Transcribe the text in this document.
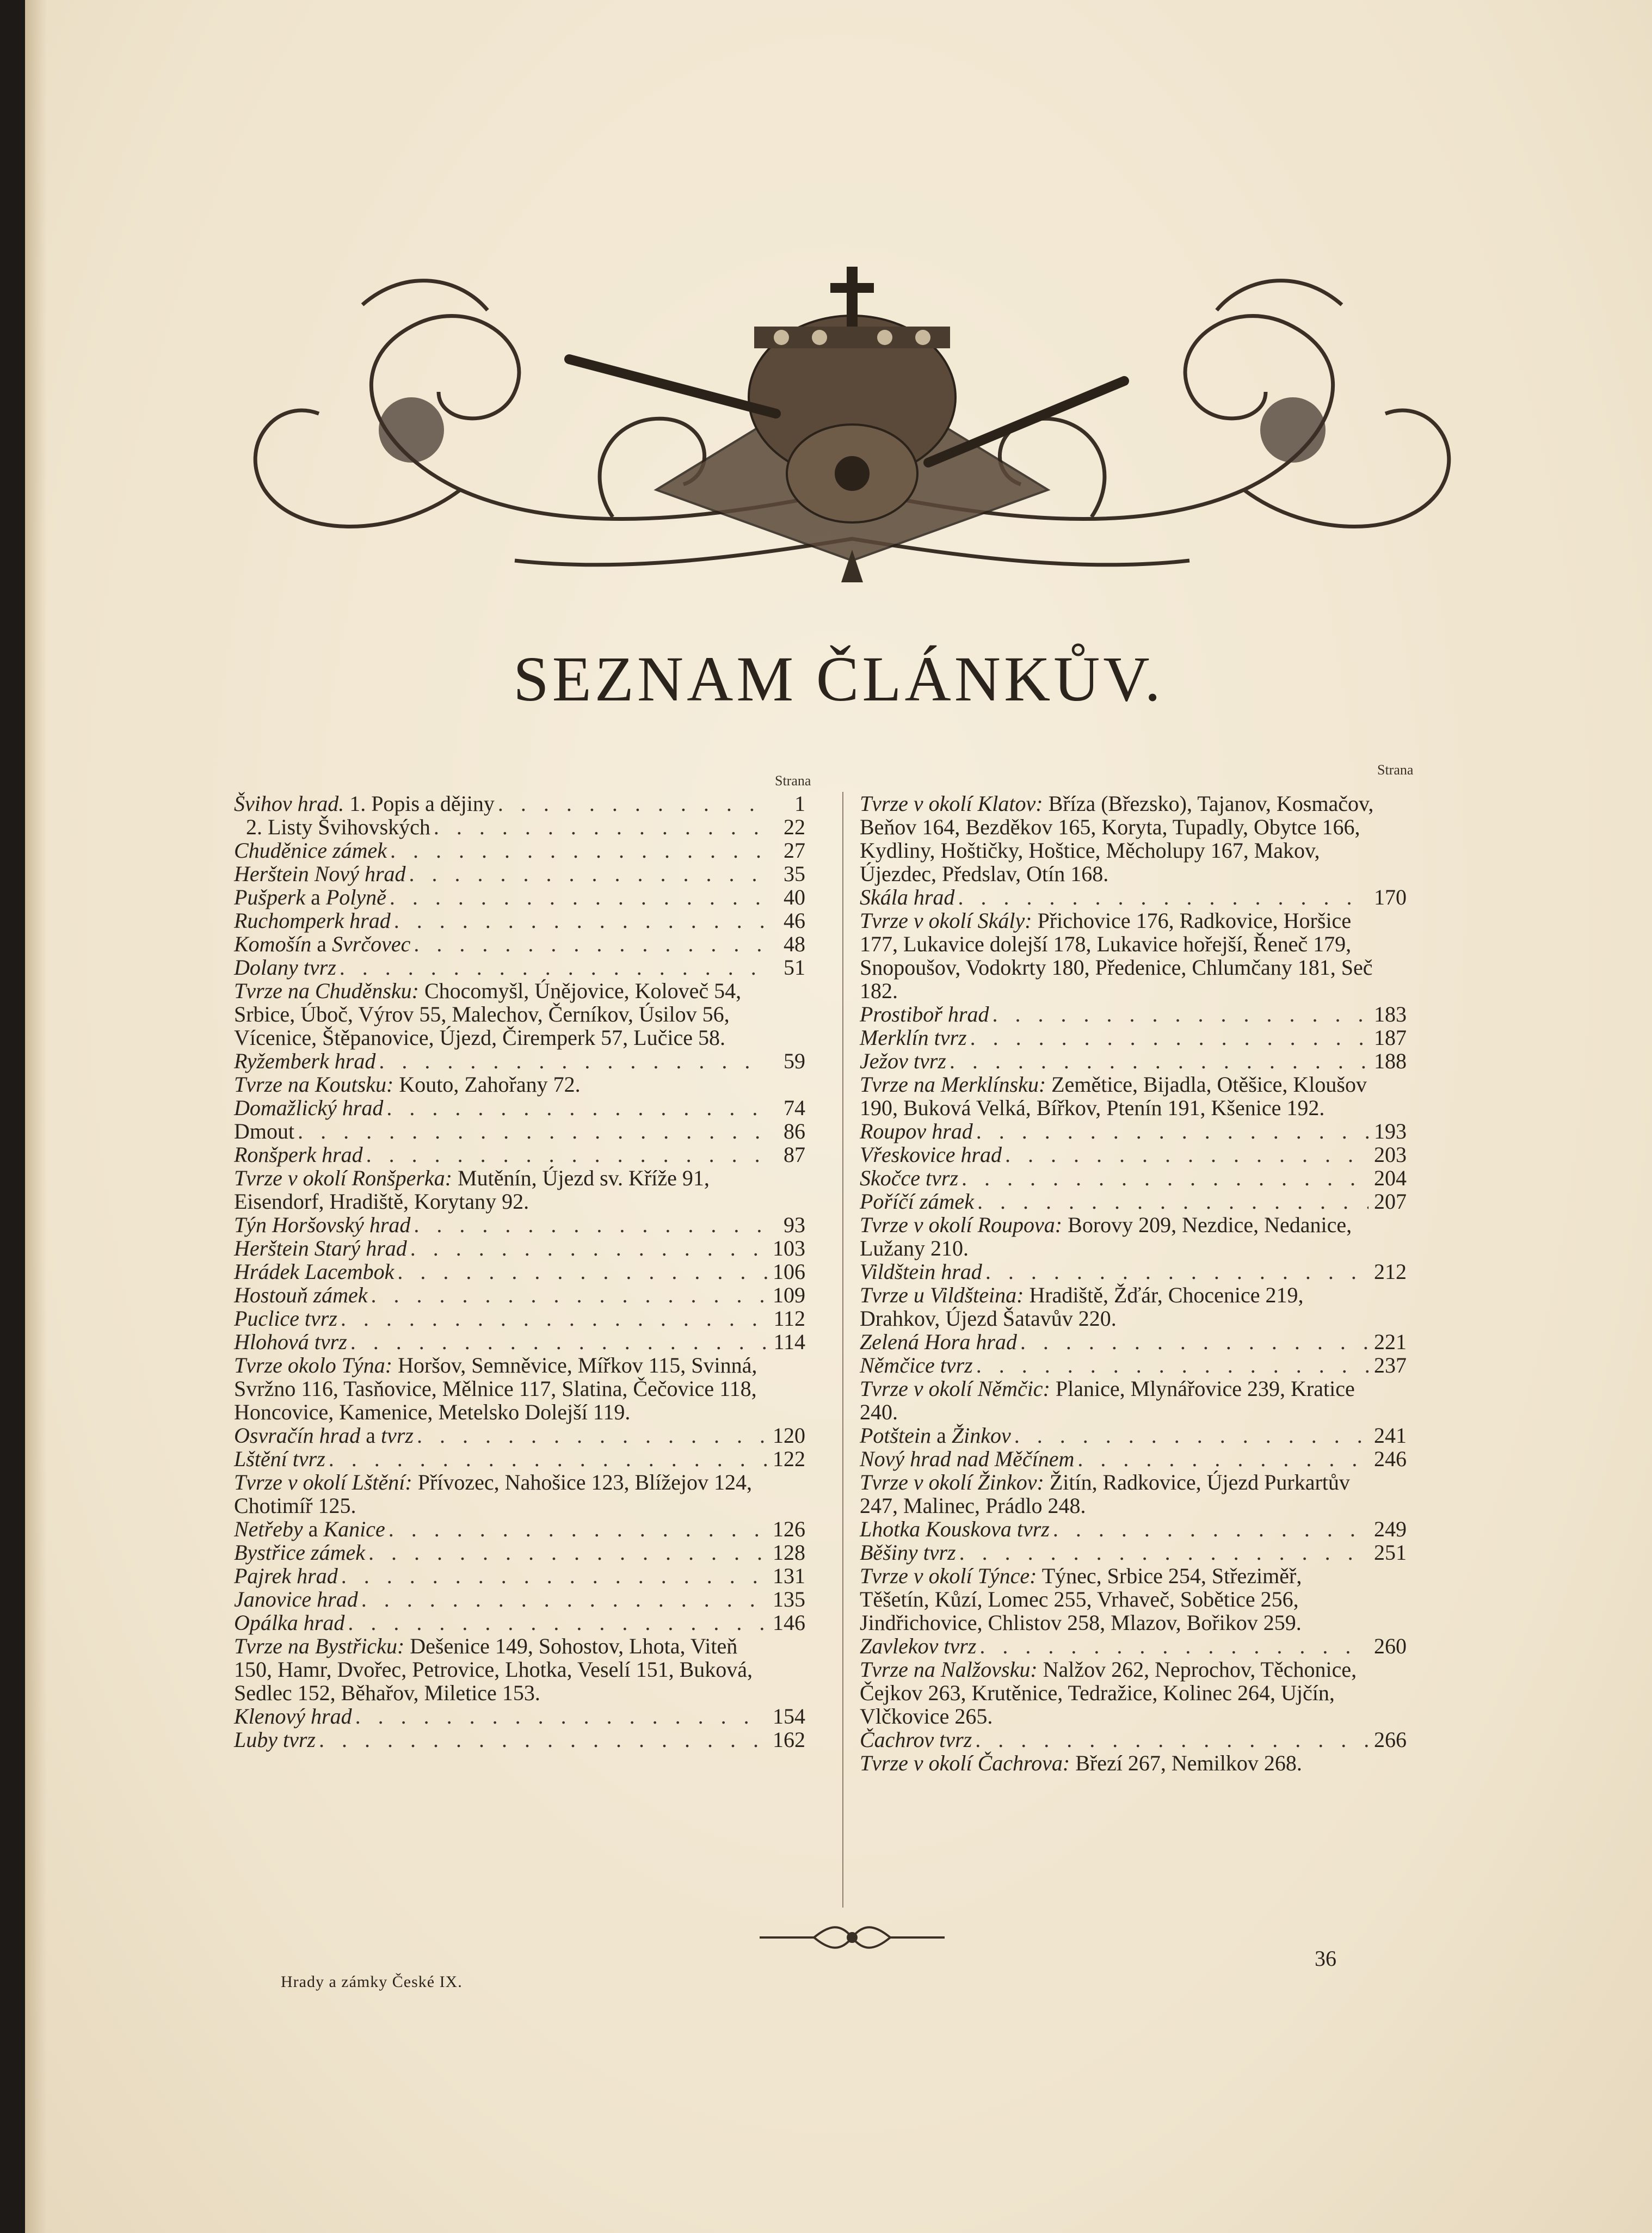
SEZNAM ČLÁNKŮV.
Strana
Strana
Švihov hrad. 1. Popis a dějiny . . .	1
2. Listy Švihovských . . .	22
Chuděnice zámek . . .	27
Herštein Nový hrad . . .	35
Pušperk a Polyně . . .	40
Ruchomperk hrad . . .	46
Komošín a Svrčovec . . .	48
Dolany tvrz . . .	51

Tvrze na Chuděnsku: Chocomyšl, Únějovice, Koloveč 54, Srbice, Úboč, Výrov 55, Malechov, Černíkov, Úsilov 56, Vícenice, Štěpanovice, Újezd, Čiremperk 57, Lučice 58.

Ryžemberk hrad . . .	59

Tvrze na Koutsku: Kouto, Zahořany 72.

Domažlický hrad . . .	74
Dmout . . .	86
Ronšperk hrad . . .	87

Tvrze v okolí Ronšperka: Mutěnín, Újezd sv. Kříže 91, Eisendorf, Hradiště, Korytany 92.

Týn Horšovský hrad . . .	93
Herštein Starý hrad . . .	103
Hrádek Lacembok . . .	106
Hostouň zámek . . .	109
Puclice tvrz . . .	112
Hlohová tvrz . . .	114

Tvrze okolo Týna: Horšov, Semněvice, Mířkov 115, Svinná, Svržno 116, Tasňovice, Mělnice 117, Slatina, Čečovice 118, Honcovice, Kamenice, Metelsko Dolejší 119.

Osvračín hrad a tvrz . . .	120
Lštění tvrz . . .	122

Tvrze v okolí Lštění: Přívozec, Nahošice 123, Blížejov 124, Chotimíř 125.

Netřeby a Kanice . . .	126
Bystřice zámek . . .	128
Pajrek hrad . . .	131
Janovice hrad . . .	135
Opálka hrad . . .	146

Tvrze na Bystřicku: Dešenice 149, Sohostov, Lhota, Viteň 150, Hamr, Dvořec, Petrovice, Lhotka, Veselí 151, Buková, Sedlec 152, Běhařov, Miletice 153.

Klenový hrad . . .	154
Luby tvrz . . .	162

Tvrze v okolí Klatov: Bříza (Březsko), Tajanov, Kosmačov, Beňov 164, Bezděkov 165, Koryta, Tupadly, Obytce 166, Kydliny, Hoštičky, Hoštice, Měcholupy 167, Makov, Újezdec, Předslav, Otín 168.

Skála hrad . . .	170

Tvrze v okolí Skály: Přichovice 176, Radkovice, Horšice 177, Lukavice dolejší 178, Lukavice hořejší, Řeneč 179, Snopoušov, Vodokrty 180, Předenice, Chlumčany 181, Seč 182.

Prostiboř hrad . . .	183
Merklín tvrz . . .	187
Ježov tvrz . . .	188

Tvrze na Merklínsku: Zemětice, Bijadla, Otěšice, Kloušov 190, Buková Velká, Bířkov, Ptenín 191, Kšenice 192.

Roupov hrad . . .	193
Vřeskovice hrad . . .	203
Skočce tvrz . . .	204
Poříčí zámek . . .	207

Tvrze v okolí Roupova: Borovy 209, Nezdice, Nedanice, Lužany 210.

Vildštein hrad . . .	212

Tvrze u Vildšteina: Hradiště, Žďár, Chocenice 219, Drahkov, Újezd Šatavův 220.

Zelená Hora hrad . . .	221
Němčice tvrz . . .	237

Tvrze v okolí Němčic: Planice, Mlynářovice 239, Kratice 240.

Potštein a Žinkov . . .	241
Nový hrad nad Měčínem . . .	246

Tvrze v okolí Žinkov: Žitín, Radkovice, Újezd Purkartův 247, Malinec, Prádlo 248.

Lhotka Kouskova tvrz . . .	249
Běšiny tvrz . . .	251

Tvrze v okolí Týnce: Týnec, Srbice 254, Střeziměř, Těšetín, Kůzí, Lomec 255, Vrhaveč, Sobětice 256, Jindřichovice, Chlistov 258, Mlazov, Bořikov 259.

Zavlekov tvrz . . .	260

Tvrze na Nalžovsku: Nalžov 262, Neprochov, Těchonice, Čejkov 263, Krutěnice, Tedražice, Kolinec 264, Ujčín, Vlčkovice 265.

Čachrov tvrz . . .	266

Tvrze v okolí Čachrova: Březí 267, Nemilkov 268.

36
Hrady a zámky České IX.
